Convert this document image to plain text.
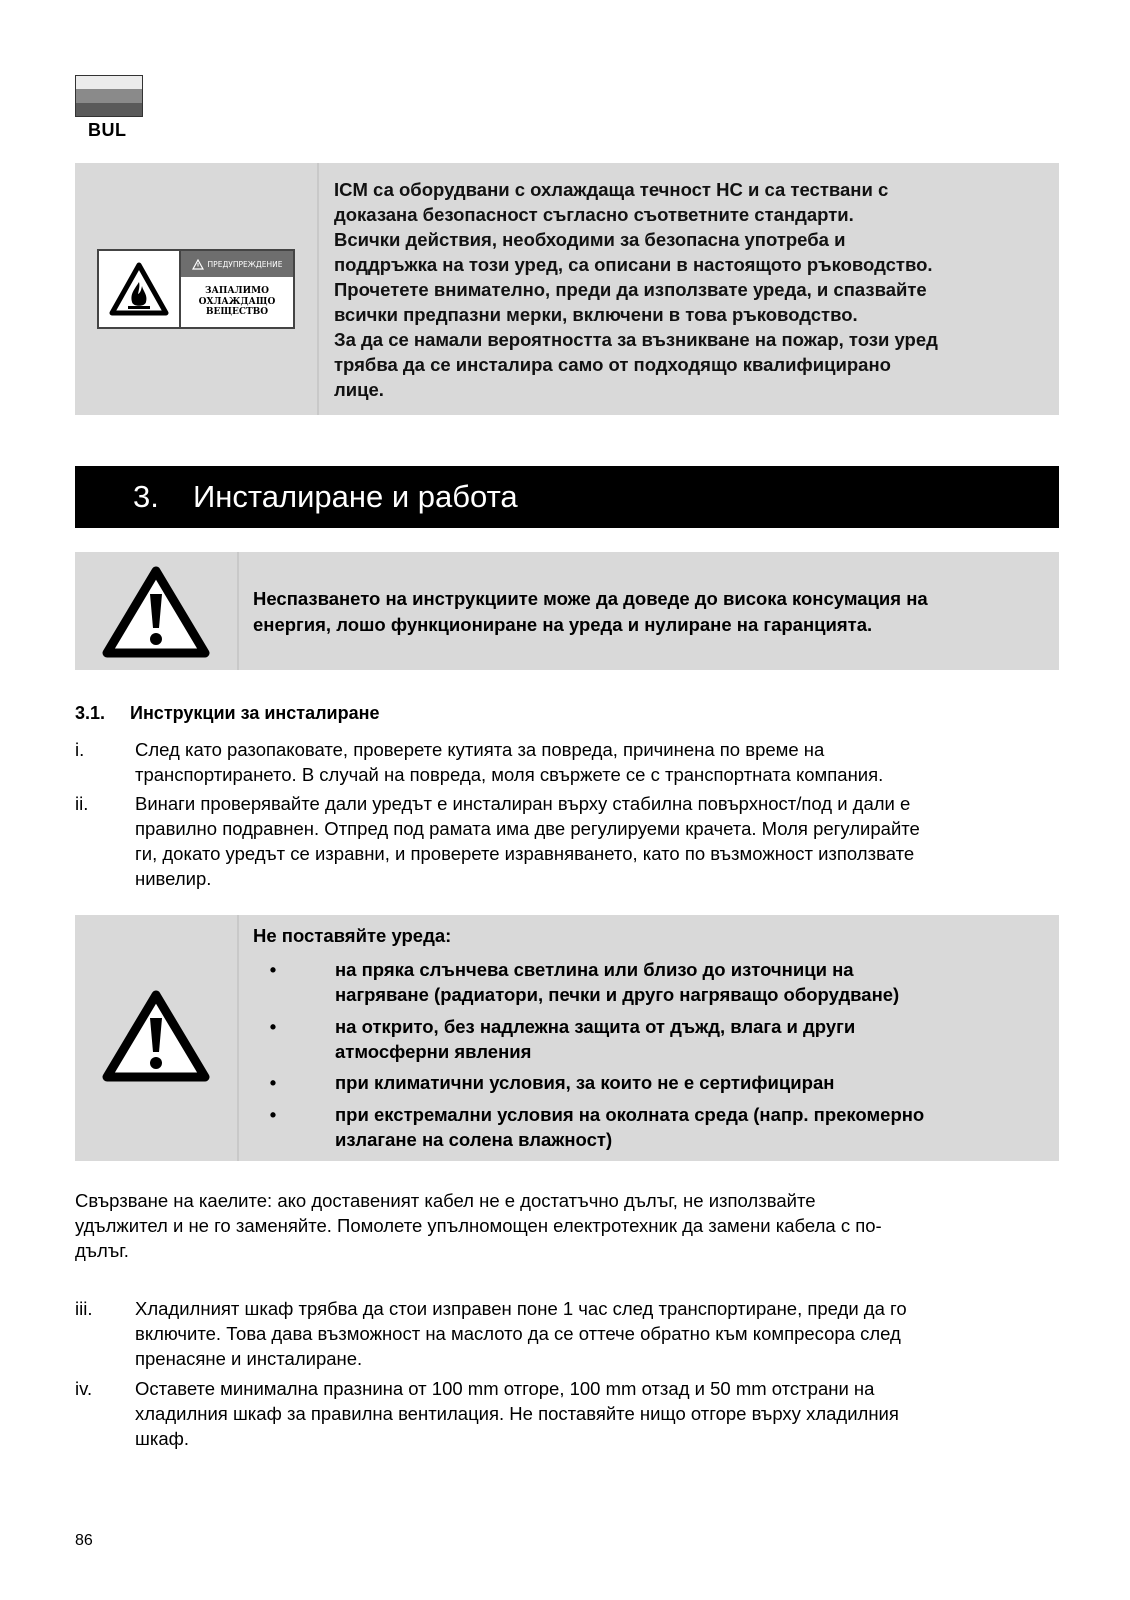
BUL
ПРЕДУПРЕЖДЕНИЕ
ЗАПАЛИМО
ОХЛАЖДАЩО
ВЕЩЕСТВО
ICM са оборудвани с охлаждаща течност HC и са тествани с
доказана безопасност съгласно съответните стандарти.
Всички действия, необходими за безопасна употреба и
поддръжка на този уред, са описани в настоящото ръководство.
Прочетете внимателно, преди да използвате уреда, и спазвайте
всички предпазни мерки, включени в това ръководство.
За да се намали вероятността за възникване на пожар, този уред
трябва да се инсталира само от подходящо квалифицирано
лице.
3. Инсталиране и работа
Неспазването на инструкциите може да доведе до висока консумация на
енергия, лошо функциониране на уреда и нулиране на гаранцията.
3.1. Инструкции за инсталиране
i.	След като разопаковате, проверете кутията за повреда, причинена по време на
транспортирането. В случай на повреда, моля свържете се с транспортната компания.
ii.	Винаги проверявайте дали уредът е инсталиран върху стабилна повърхност/под и дали е
правилно подравнен. Отпред под рамата има две регулируеми крачета. Моля регулирайте
ги, докато уредът се изравни, и проверете изравняването, като по възможност използвате
нивелир.
Не поставяйте уреда:
•	на пряка слънчева светлина или близо до източници на
нагряване (радиатори, печки и друго нагряващо оборудване)
•	на открито, без надлежна защита от дъжд, влага и други
атмосферни явления
•	при климатични условия, за които не е сертифициран
•	при екстремални условия на околната среда (напр. прекомерно
излагане на солена влажност)
Свързване на каелите: ако доставеният кабел не е достатъчно дълъг, не използвайте
удължител и не го заменяйте. Помолете упълномощен електротехник да замени кабела с по-
дълъг.
iii. Хладилният шкаф трябва да стои изправен поне 1 час след транспортиране, преди да го
включите. Това дава възможност на маслото да се оттече обратно към компресора след
пренасяне и инсталиране.
iv. Оставете минимална празнина от 100 mm отгоре, 100 mm отзад и 50 mm отстрани на
хладилния шкаф за правилна вентилация. Не поставяйте нищо отгоре върху хладилния
шкаф.
86
